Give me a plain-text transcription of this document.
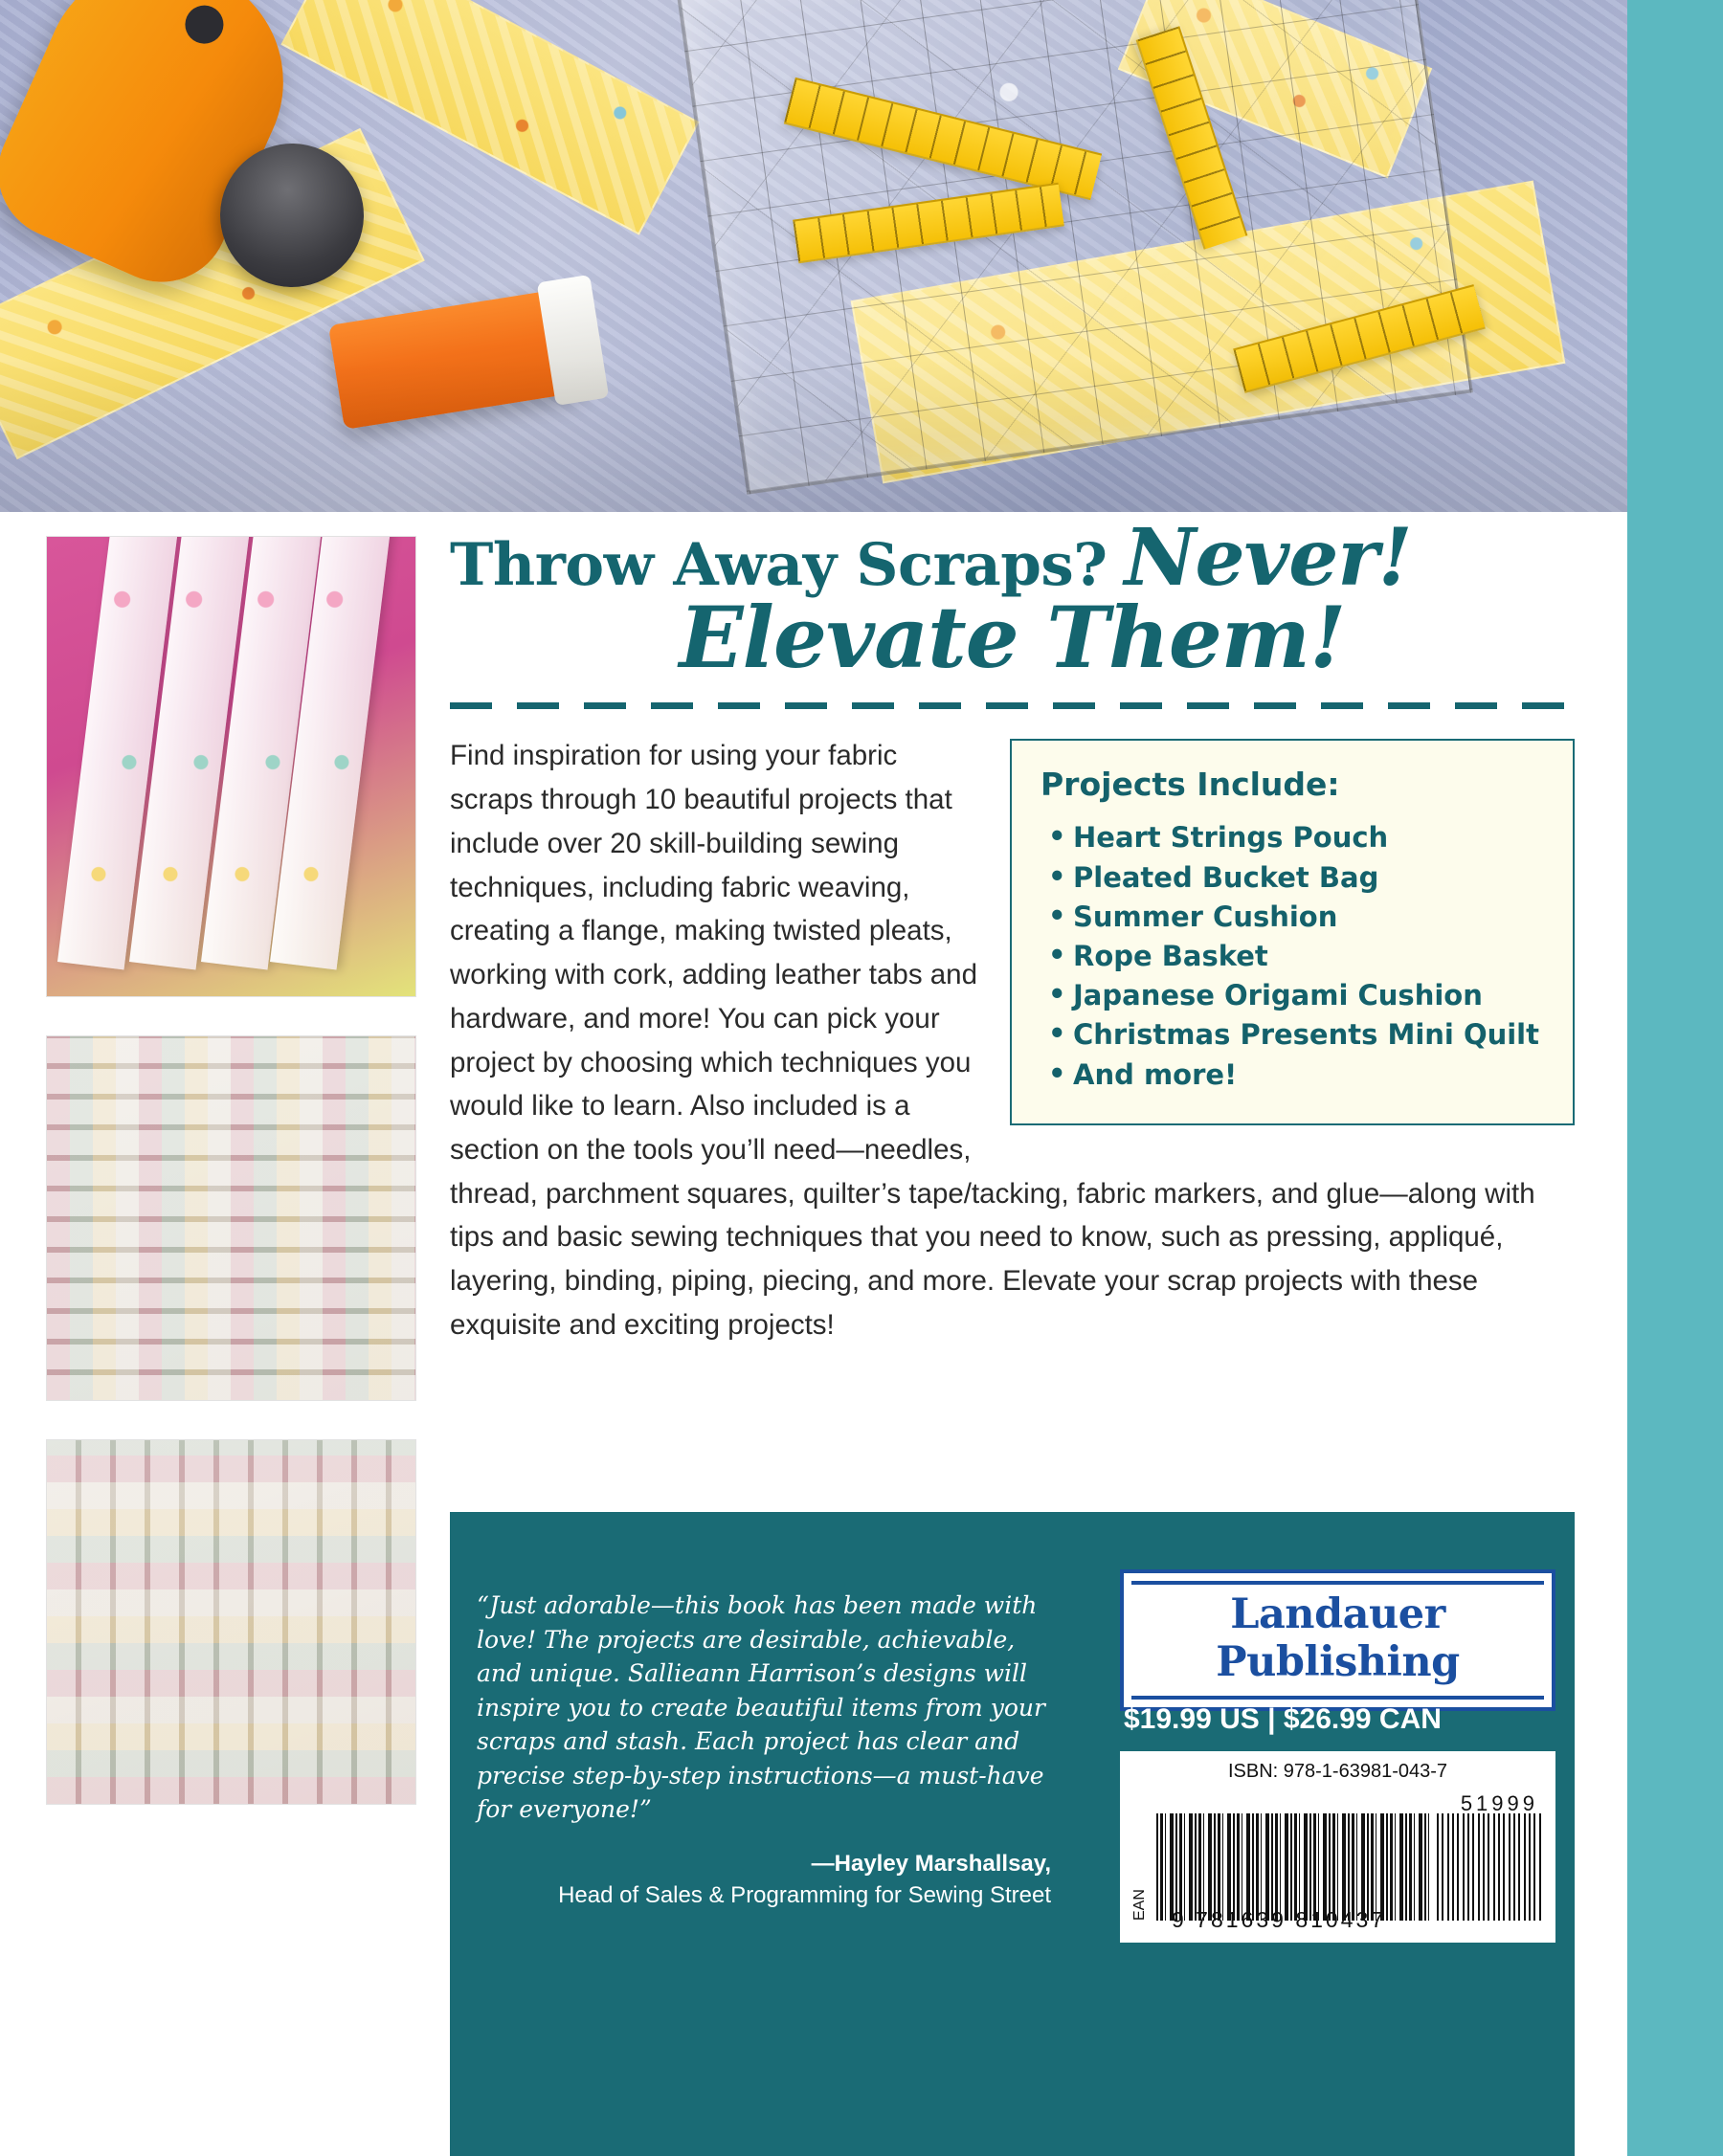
Throw Away Scraps? Never!
Elevate Them!
Projects Include:
• Heart Strings Pouch
• Pleated Bucket Bag
• Summer Cushion
• Rope Basket
• Japanese Origami Cushion
• Christmas Presents Mini Quilt
• And more!

Find inspiration for using your fabric scraps through 10 beautiful projects that include over 20 skill-building sewing techniques, including fabric weaving, creating a flange, making twisted pleats, working with cork, adding leather tabs and hardware, and more! You can pick your project by choosing which techniques you would like to learn. Also included is a section on the tools you’ll need—needles, thread, parchment squares, quilter’s tape/tacking, fabric markers, and glue—along with tips and basic sewing techniques that you need to know, such as pressing, appliqué, layering, binding, piping, piecing, and more. Elevate your scrap projects with these exquisite and exciting projects!

“Just adorable—this book has been made with love! The projects are desirable, achievable, and unique. Sallieann Harrison’s designs will inspire you to create beautiful items from your scraps and stash. Each project has clear and precise step-by-step instructions—a must-have for everyone!”
—Hayley Marshallsay,
Head of Sales & Programming for Sewing Street
Landauer Publishing
$19.99 US | $26.99 CAN
ISBN: 978-1-63981-043-7
EAN
51999
9 781639 810437
